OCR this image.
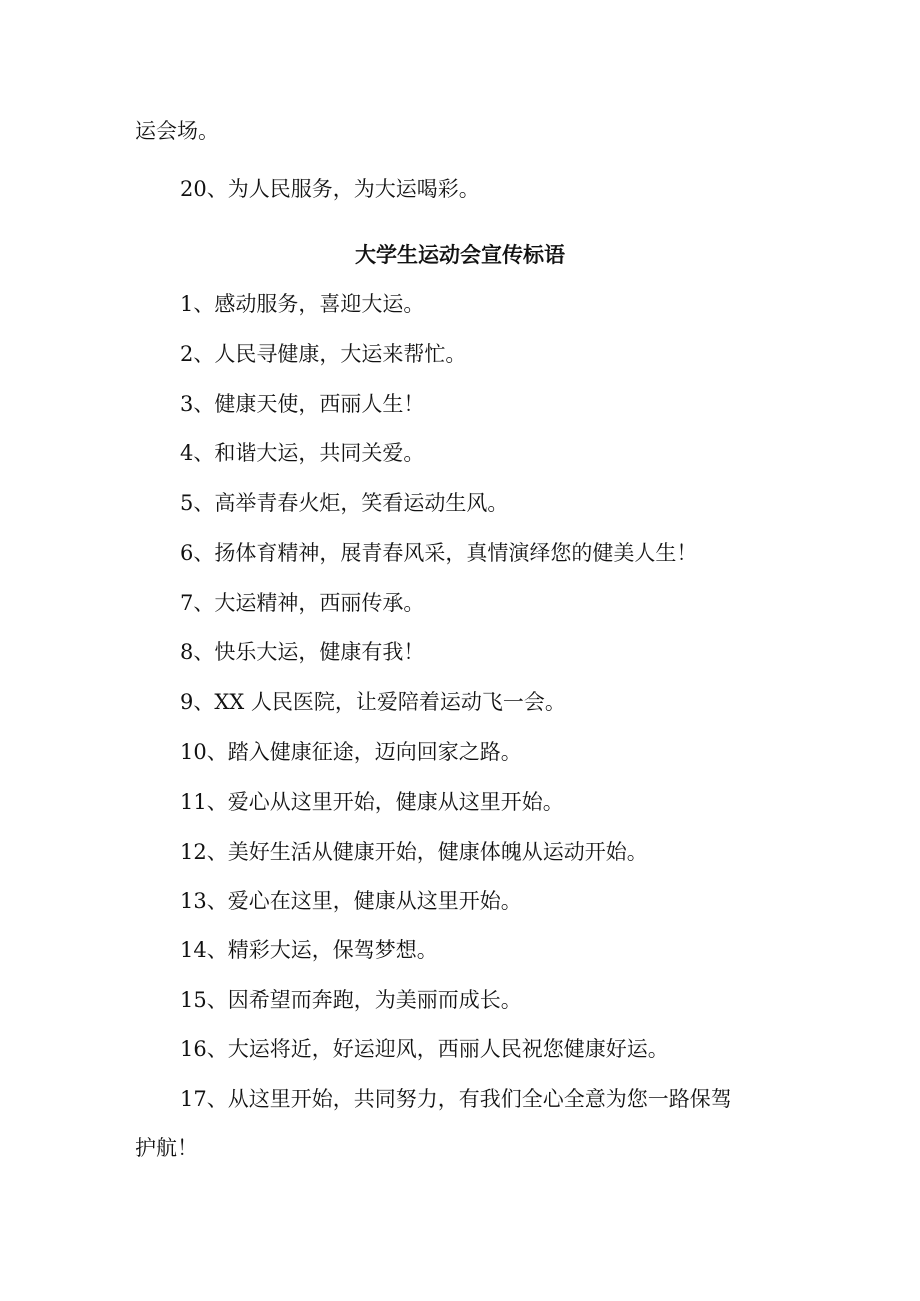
运会场。
20、为人民服务，为大运喝彩。
大学生运动会宣传标语
1、感动服务，喜迎大运。
2、人民寻健康，大运来帮忙。
3、健康天使，西丽人生！
4、和谐大运，共同关爱。
5、高举青春火炬，笑看运动生风。
6、扬体育精神，展青春风采，真情演绎您的健美人生！
7、大运精神，西丽传承。
8、快乐大运，健康有我！
9、XX 人民医院，让爱陪着运动飞一会。
10、踏入健康征途，迈向回家之路。
11、爱心从这里开始，健康从这里开始。
12、美好生活从健康开始，健康体魄从运动开始。
13、爱心在这里，健康从这里开始。
14、精彩大运，保驾梦想。
15、因希望而奔跑，为美丽而成长。
16、大运将近，好运迎风，西丽人民祝您健康好运。
17、从这里开始，共同努力，有我们全心全意为您一路保驾
护航！
